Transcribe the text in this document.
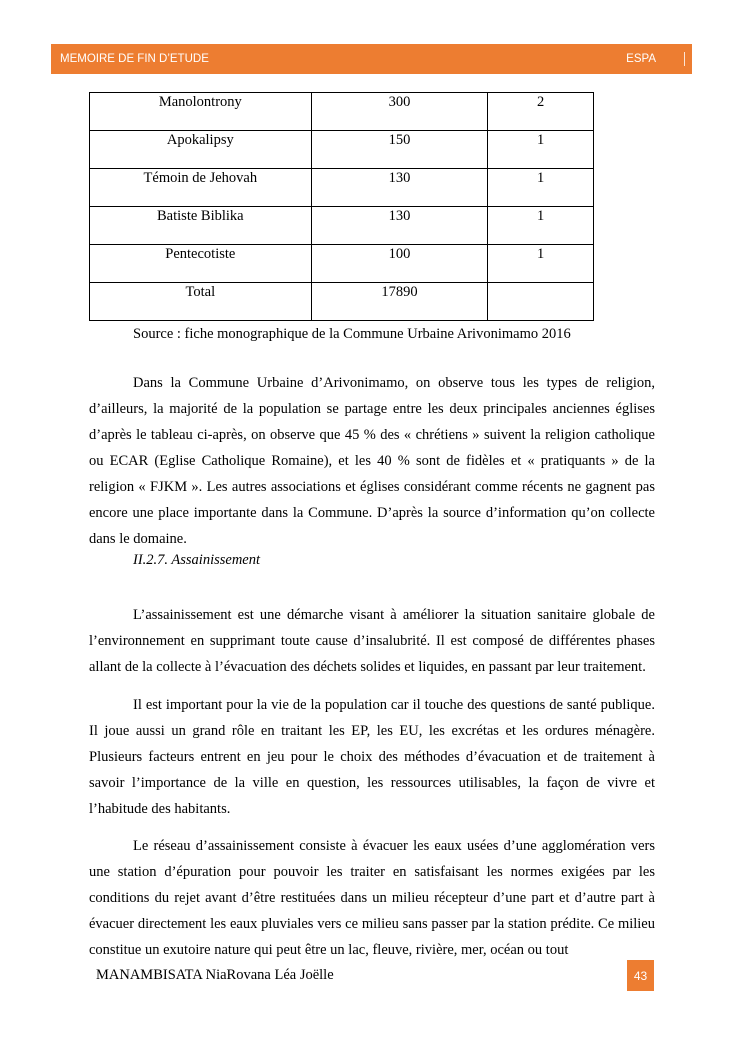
MEMOIRE DE FIN D’ETUDE	ESPA
Manolontrony	300	2
Apokalipsy	150	1
Témoin de Jehovah	130	1
Batiste Biblika	130	1
Pentecotiste	100	1
Total	17890	
Source : fiche monographique de la Commune Urbaine Arivonimamo 2016

Dans la Commune Urbaine d’Arivonimamo, on observe tous les types de religion, d’ailleurs, la majorité de la population se partage entre les deux principales anciennes églises d’après le tableau ci-après, on observe que 45 % des « chrétiens » suivent la religion catholique ou ECAR (Eglise Catholique Romaine), et les 40 % sont de fidèles et « pratiquants » de la religion « FJKM ». Les autres associations et églises considérant comme récents ne gagnent pas encore une place importante dans la Commune. D’après la source d’information qu’on collecte dans le domaine.

II.2.7. Assainissement

L’assainissement est une démarche visant à améliorer la situation sanitaire globale de l’environnement en supprimant toute cause d’insalubrité. Il est composé de différentes phases allant de la collecte à l’évacuation des déchets solides et liquides, en passant par leur traitement.

Il est important pour la vie de la population car il touche des questions de santé publique. Il joue aussi un grand rôle en traitant les EP, les EU, les excrétas et les ordures ménagère. Plusieurs facteurs entrent en jeu pour le choix des méthodes d’évacuation et de traitement à savoir l’importance de la ville en question, les ressources utilisables, la façon de vivre et l’habitude des habitants.

Le réseau d’assainissement consiste à évacuer les eaux usées d’une agglomération vers une station d’épuration pour pouvoir les traiter en satisfaisant les normes exigées par les conditions du rejet avant d’être restituées dans un milieu récepteur d’une part et d’autre part à évacuer directement les eaux pluviales vers ce milieu sans passer par la station prédite. Ce milieu constitue un exutoire nature qui peut être un lac, fleuve, rivière, mer, océan ou tout

MANAMBISATA NiaRovana Léa Joëlle	43
